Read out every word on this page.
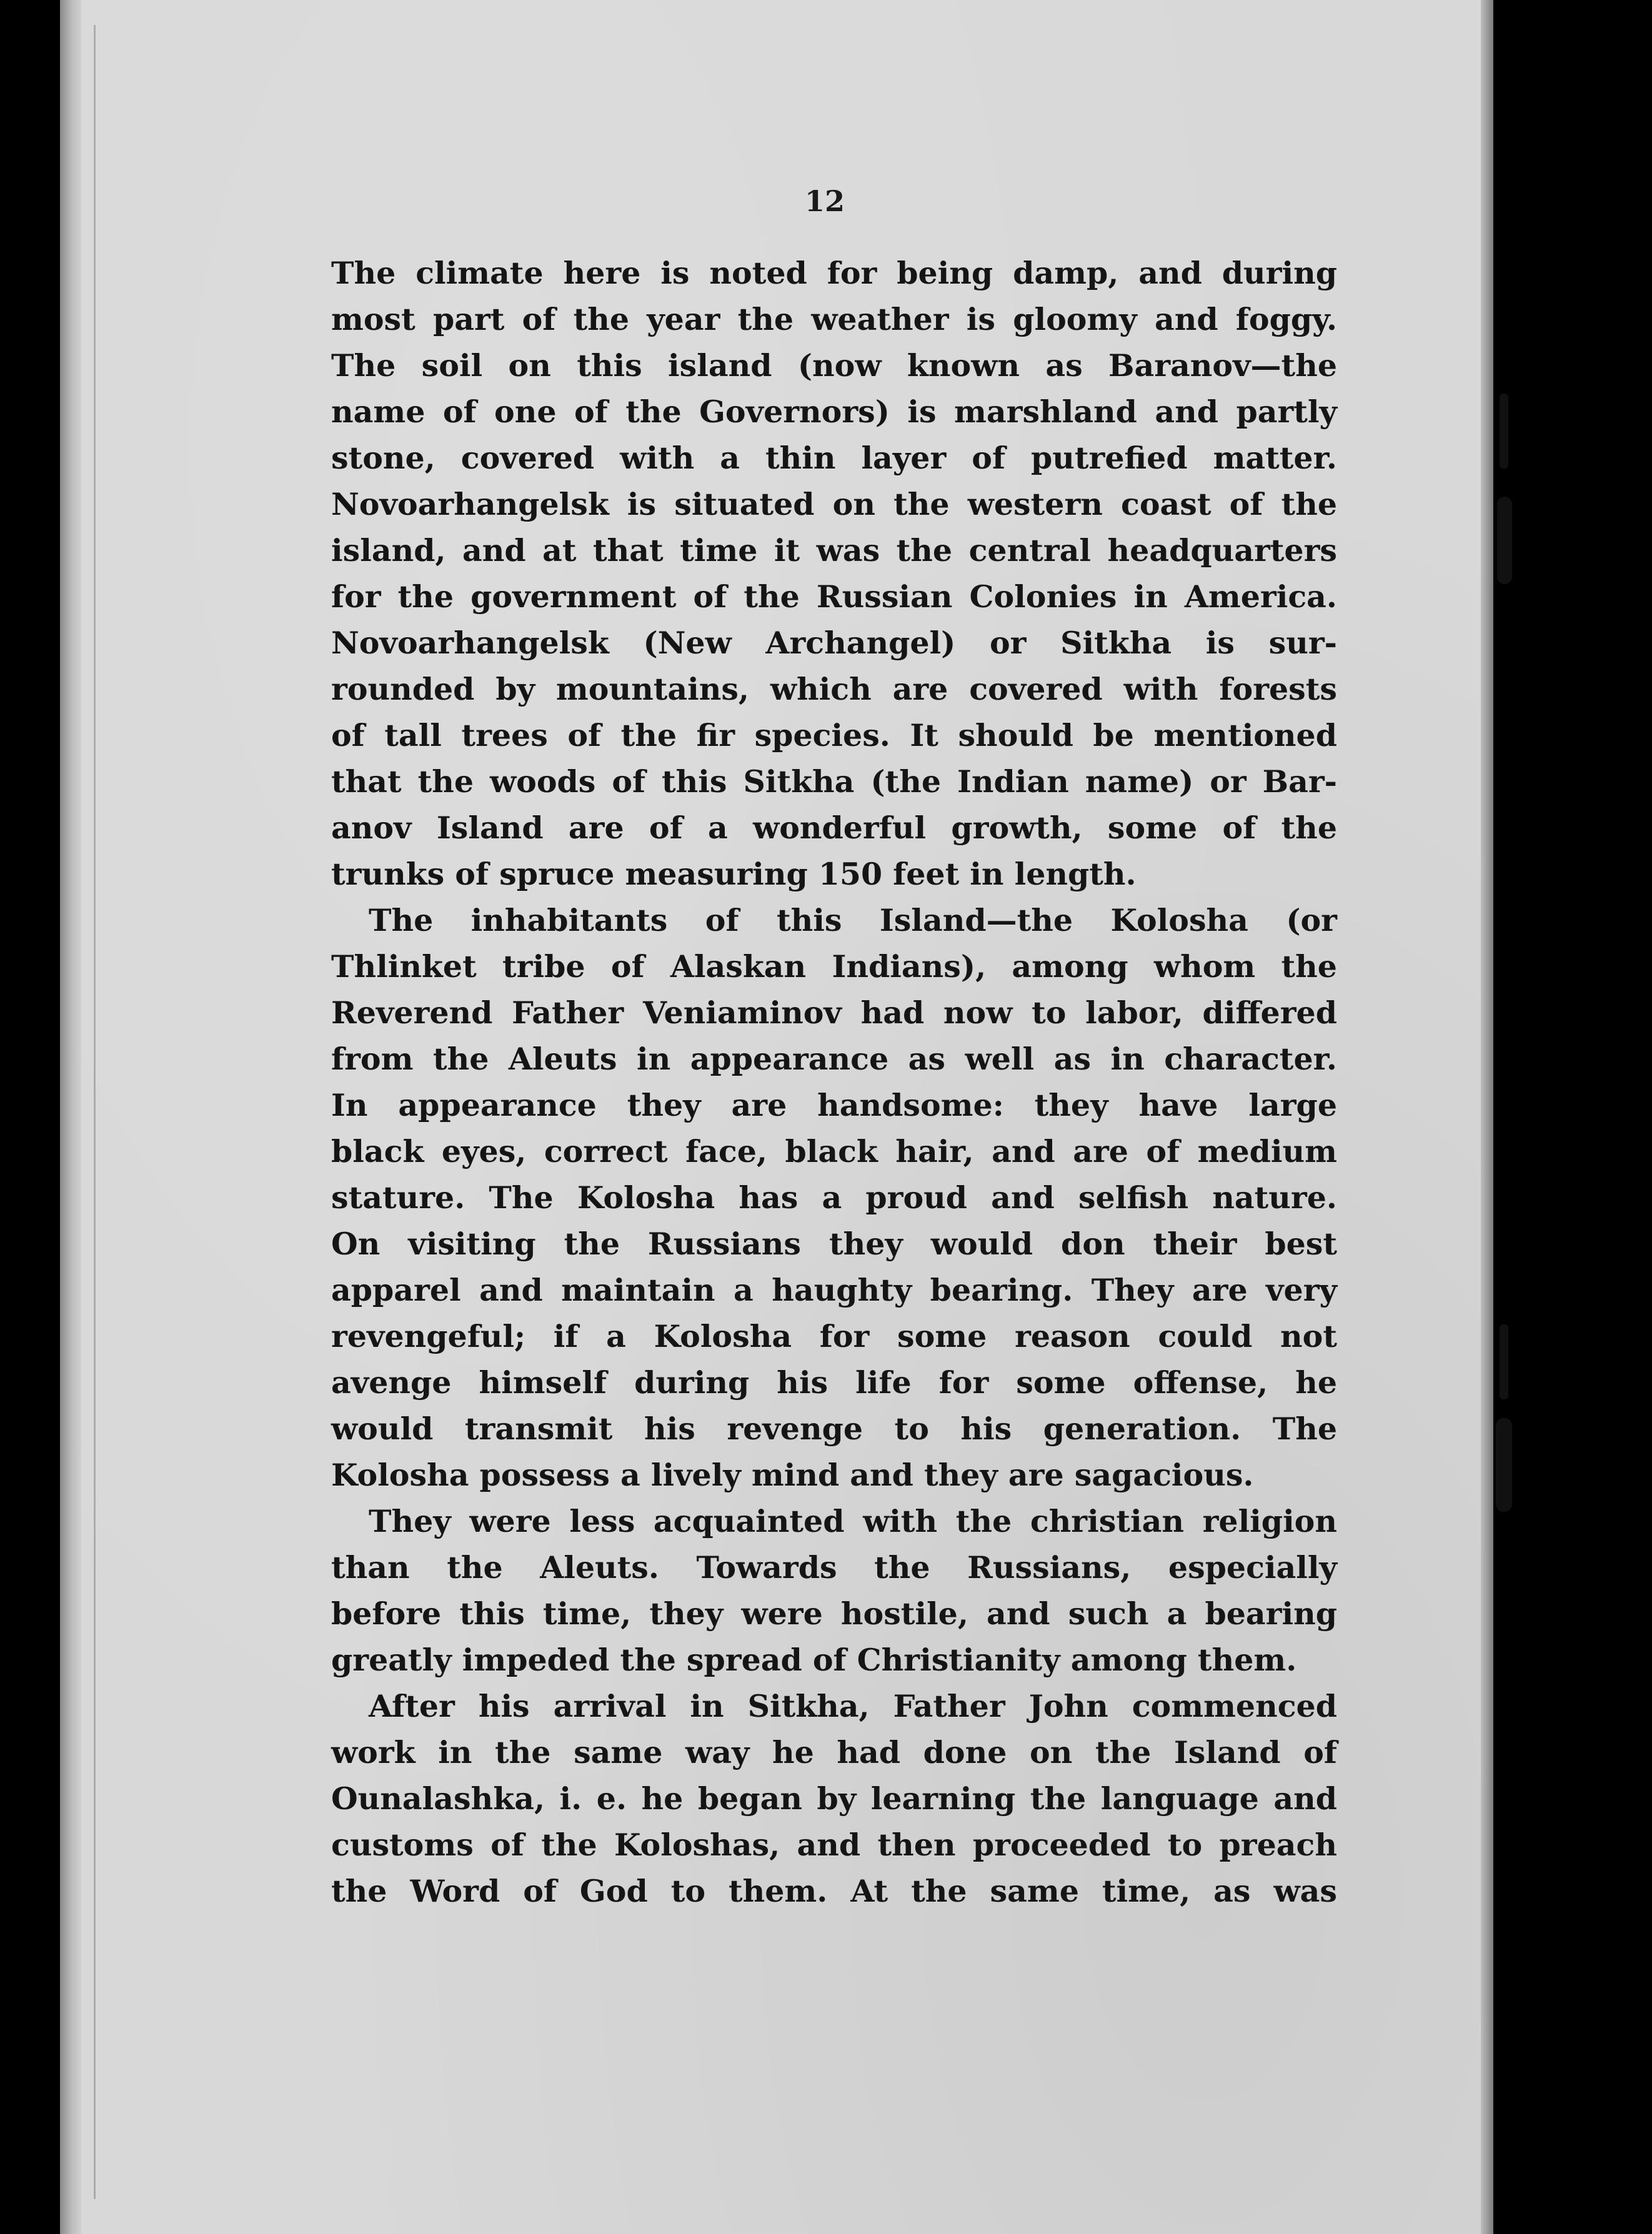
12
The climate here is noted for being damp, and during
most part of the year the weather is gloomy and foggy.
The soil on this island (now known as Baranov—the
name of one of the Governors) is marshland and partly
stone, covered with a thin layer of putrefied matter.
Novoarhangelsk is situated on the western coast of the
island, and at that time it was the central headquarters
for the government of the Russian Colonies in America.
Novoarhangelsk (New Archangel) or Sitkha is sur-
rounded by mountains, which are covered with forests
of tall trees of the fir species. It should be mentioned
that the woods of this Sitkha (the Indian name) or Bar-
anov Island are of a wonderful growth, some of the
trunks of spruce measuring 150 feet in length.
The inhabitants of this Island—the Kolosha (or
Thlinket tribe of Alaskan Indians), among whom the
Reverend Father Veniaminov had now to labor, differed
from the Aleuts in appearance as well as in character.
In appearance they are handsome: they have large
black eyes, correct face, black hair, and are of medium
stature. The Kolosha has a proud and selfish nature.
On visiting the Russians they would don their best
apparel and maintain a haughty bearing. They are very
revengeful; if a Kolosha for some reason could not
avenge himself during his life for some offense, he
would transmit his revenge to his generation. The
Kolosha possess a lively mind and they are sagacious.
They were less acquainted with the christian religion
than the Aleuts. Towards the Russians, especially
before this time, they were hostile, and such a bearing
greatly impeded the spread of Christianity among them.
After his arrival in Sitkha, Father John commenced
work in the same way he had done on the Island of
Ounalashka, i. e. he began by learning the language and
customs of the Koloshas, and then proceeded to preach
the Word of God to them. At the same time, as was
